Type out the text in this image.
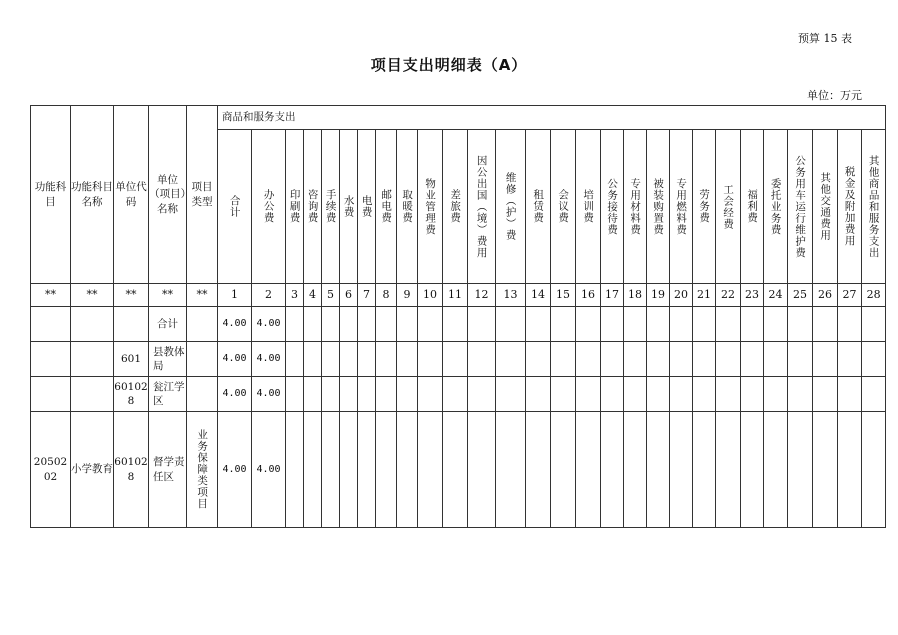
预算 15 表
项目支出明细表（A）
单位：万元
功能科目	功能科目名称	单位代码	单位（项目）名称	项目类型	商品和服务支出																											

					合计	办公费	印刷费	咨询费	手续费	水费	电费	邮电费	取暖费	物业管理费	差旅费	因公出国（境）费用	维修（护）费	租赁费	会议费	培训费	公务接待费	专用材料费	被装购置费	专用燃料费	劳务费	工会经费	福利费	委托业务费	公务用车运行维护费	其他交通费用	税金及附加费用	其他商品和服务支出

**	**	**	**	**	1	2	3	4	5	6	7	8	9	10	11	12	13	14	15	16	17	18	19	20	21	22	23	24	25	26	27	28
			合计		4.00	4.00																										
		601	县教体局		4.00	4.00																										
		601028	瓮江学区		4.00	4.00																										
2050202	小学教育	601028	督学责任区	业务保障类项目	4.00	4.00																										
